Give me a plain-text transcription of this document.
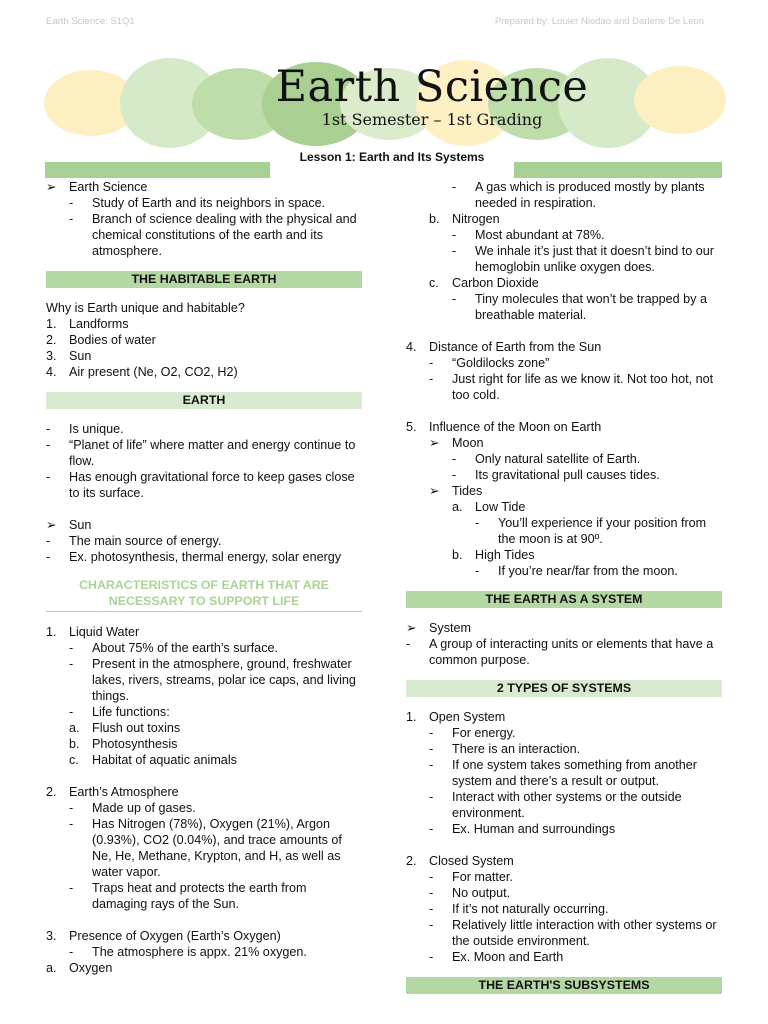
Earth Science: S1Q1	Prepared by: Louier Niodao and Darlene De Leon
Earth Science
1st Semester – 1st Grading
Lesson 1: Earth and Its Systems
➢ Earth Science
- Study of Earth and its neighbors in space.
- Branch of science dealing with the physical and chemical constitutions of the earth and its atmosphere.
THE HABITABLE EARTH
Why is Earth unique and habitable?
1. Landforms
2. Bodies of water
3. Sun
4. Air present (Ne, O2, CO2, H2)
EARTH
- Is unique.
- “Planet of life” where matter and energy continue to flow.
- Has enough gravitational force to keep gases close to its surface.
➢ Sun
- The main source of energy.
- Ex. photosynthesis, thermal energy, solar energy
CHARACTERISTICS OF EARTH THAT ARE NECESSARY TO SUPPORT LIFE
1. Liquid Water
- About 75% of the earth’s surface.
- Present in the atmosphere, ground, freshwater lakes, rivers, streams, polar ice caps, and living things.
- Life functions:
a. Flush out toxins
b. Photosynthesis
c. Habitat of aquatic animals
2. Earth’s Atmosphere
- Made up of gases.
- Has Nitrogen (78%), Oxygen (21%), Argon (0.93%), CO2 (0.04%), and trace amounts of Ne, He, Methane, Krypton, and H, as well as water vapor.
- Traps heat and protects the earth from damaging rays of the Sun.
3. Presence of Oxygen (Earth’s Oxygen)
- The atmosphere is appx. 21% oxygen.
a. Oxygen
- A gas which is produced mostly by plants needed in respiration.
b. Nitrogen
- Most abundant at 78%.
- We inhale it’s just that it doesn’t bind to our hemoglobin unlike oxygen does.
c. Carbon Dioxide
- Tiny molecules that won’t be trapped by a breathable material.
4. Distance of Earth from the Sun
- “Goldilocks zone”
- Just right for life as we know it. Not too hot, not too cold.
5. Influence of the Moon on Earth
➢ Moon
- Only natural satellite of Earth.
- Its gravitational pull causes tides.
➢ Tides
a. Low Tide
- You’ll experience if your position from the moon is at 90º.
b. High Tides
- If you’re near/far from the moon.
THE EARTH AS A SYSTEM
➢ System
- A group of interacting units or elements that have a common purpose.
2 TYPES OF SYSTEMS
1. Open System
- For energy.
- There is an interaction.
- If one system takes something from another system and there’s a result or output.
- Interact with other systems or the outside environment.
- Ex. Human and surroundings
2. Closed System
- For matter.
- No output.
- If it’s not naturally occurring.
- Relatively little interaction with other systems or the outside environment.
- Ex. Moon and Earth
THE EARTH'S SUBSYSTEMS
